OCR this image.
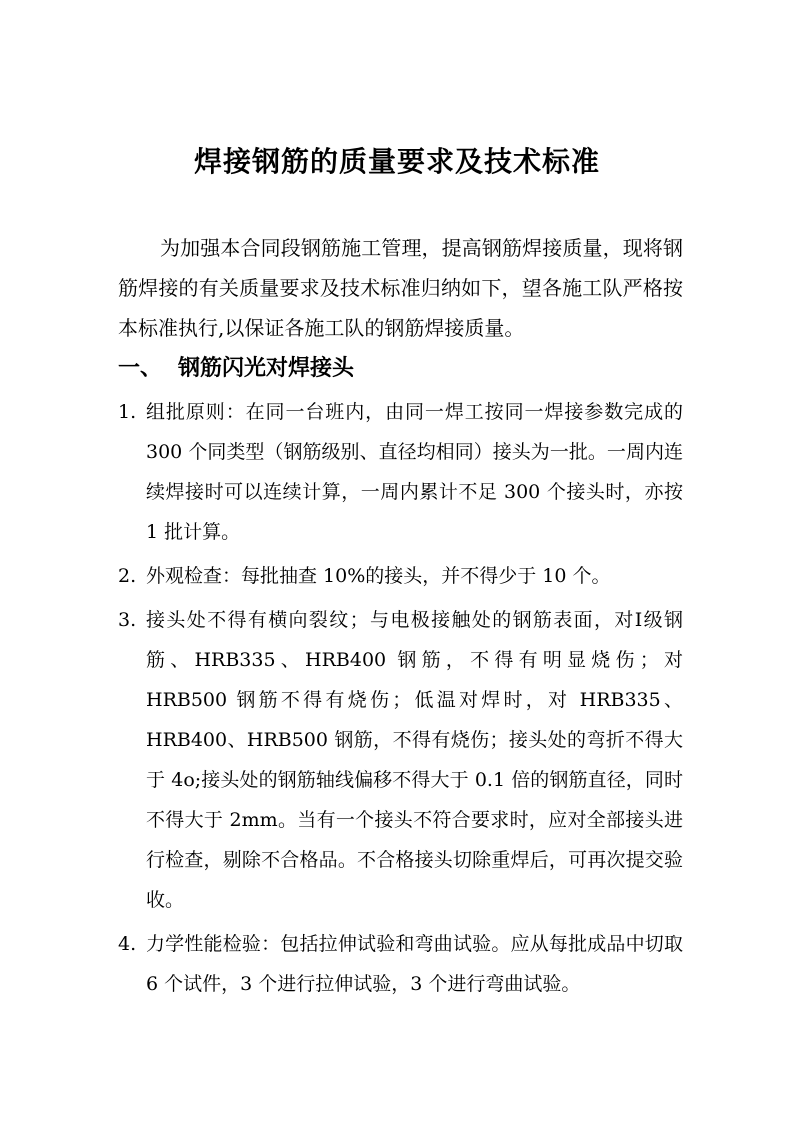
焊接钢筋的质量要求及技术标准

为加强本合同段钢筋施工管理，提高钢筋焊接质量，现将钢筋焊接的有关质量要求及技术标准归纳如下，望各施工队严格按本标准执行,以保证各施工队的钢筋焊接质量。

一、 钢筋闪光对焊接头
1. 组批原则：在同一台班内，由同一焊工按同一焊接参数完成的 300 个同类型（钢筋级别、直径均相同）接头为一批。一周内连续焊接时可以连续计算，一周内累计不足 300 个接头时，亦按 1 批计算。
2. 外观检查：每批抽查 10%的接头，并不得少于 10 个。
3. 接头处不得有横向裂纹；与电极接触处的钢筋表面，对Ⅰ级钢筋、HRB335、HRB400 钢筋，不得有明显烧伤；对 HRB500 钢筋不得有烧伤；低温对焊时，对 HRB335、HRB400、HRB500 钢筋，不得有烧伤；接头处的弯折不得大于 4o;接头处的钢筋轴线偏移不得大于 0.1 倍的钢筋直径，同时不得大于 2mm。当有一个接头不符合要求时，应对全部接头进行检查，剔除不合格品。不合格接头切除重焊后，可再次提交验收。
4. 力学性能检验：包括拉伸试验和弯曲试验。应从每批成品中切取 6 个试件，3 个进行拉伸试验，3 个进行弯曲试验。
